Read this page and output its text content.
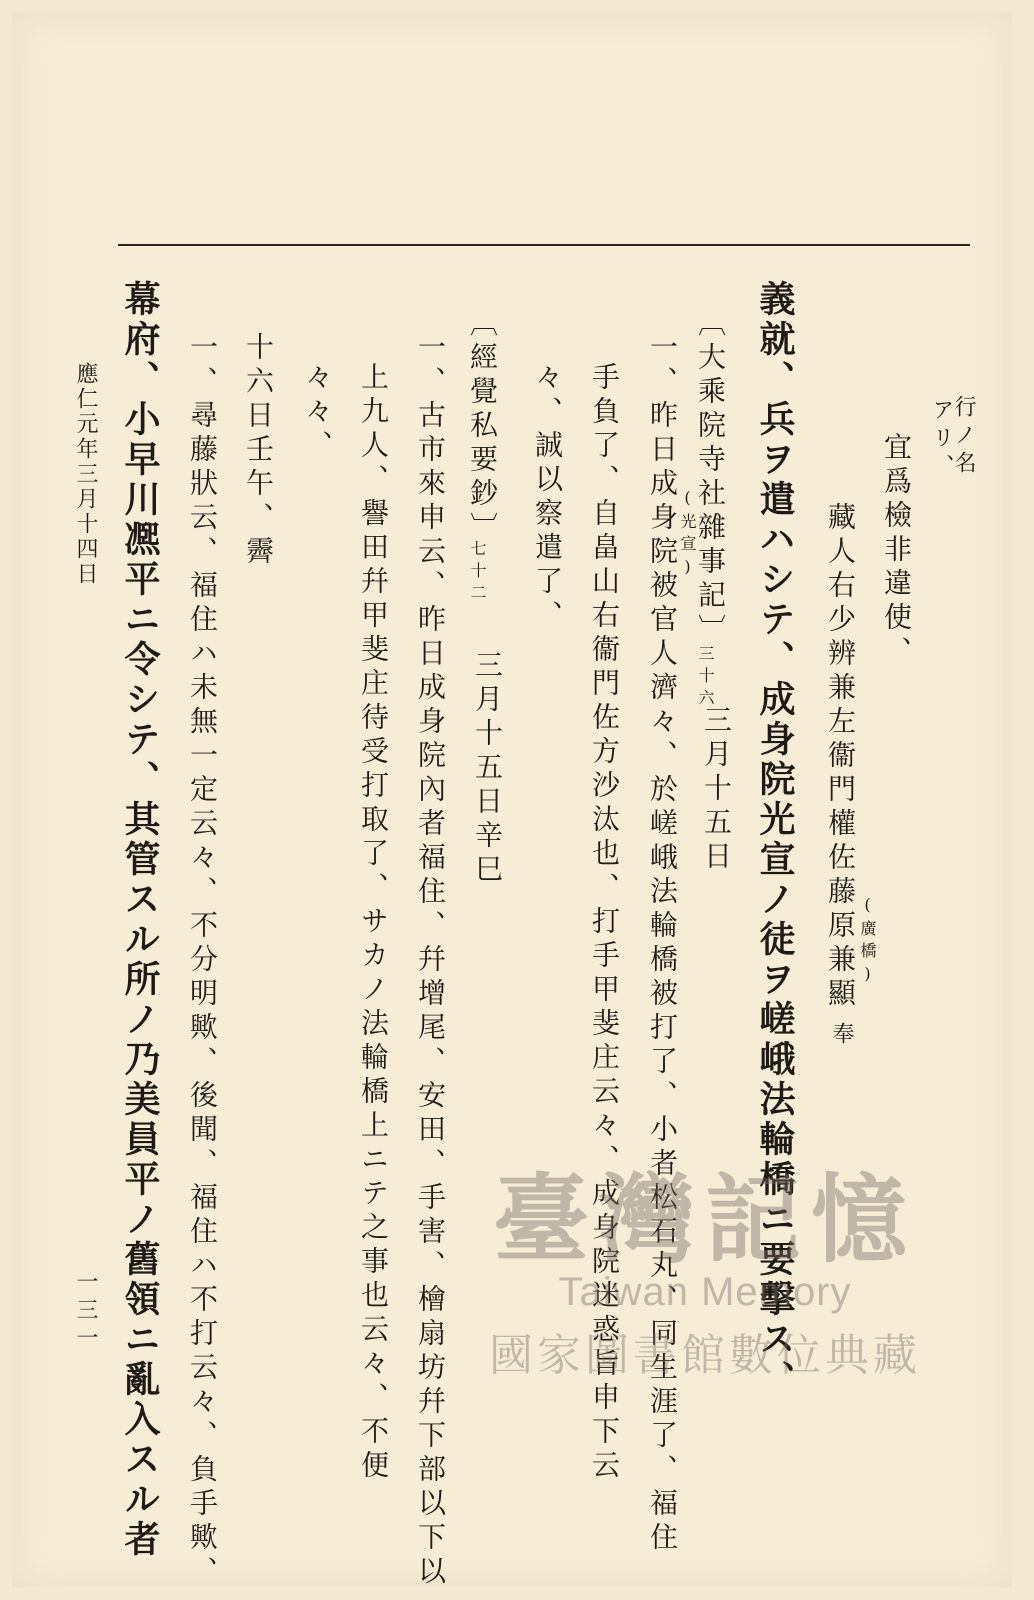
行ノ名
アリ、
宜爲檢非違使、
藏人右少辨兼左衞門權佐藤原兼顯 (廣橋)
奉
義就、兵ヲ遣ハシテ、成身院光宣ノ徒ヲ嵯峨法輪橋ニ要擊ス、
〔大乘院寺社雜事記〕
(光宣)
三十六
三月十五日
一、昨日成身院被官人濟々、於嵯峨法輪橋被打了、小者松石丸、同生涯了、福住
手負了、自畠山右衞門佐方沙汰也、打手甲斐庄云々、成身院迷惑旨申下云
々、誠以察遣了、
〔經覺私要鈔〕
七十二
三月十五日辛巳
一、古市來申云、昨日成身院內者福住、幷增尾、安田、手害、檜扇坊幷下部以下以
上九人、譽田幷甲斐庄待受打取了、サカノ法輪橋上ニテ之事也云々、不便
々々、
十六日壬午、霽
一、尋藤狀云、福住ハ未無一定云々、不分明歟、後聞、福住ハ不打云々、負手歟、
幕府、小早川凞平ニ令シテ、其管スル所ノ乃美員平ノ舊領ニ亂入スル者
應仁元年三月十四日
一三一
臺灣記憶
Taiwan Memory
國家圖書館數位典藏
